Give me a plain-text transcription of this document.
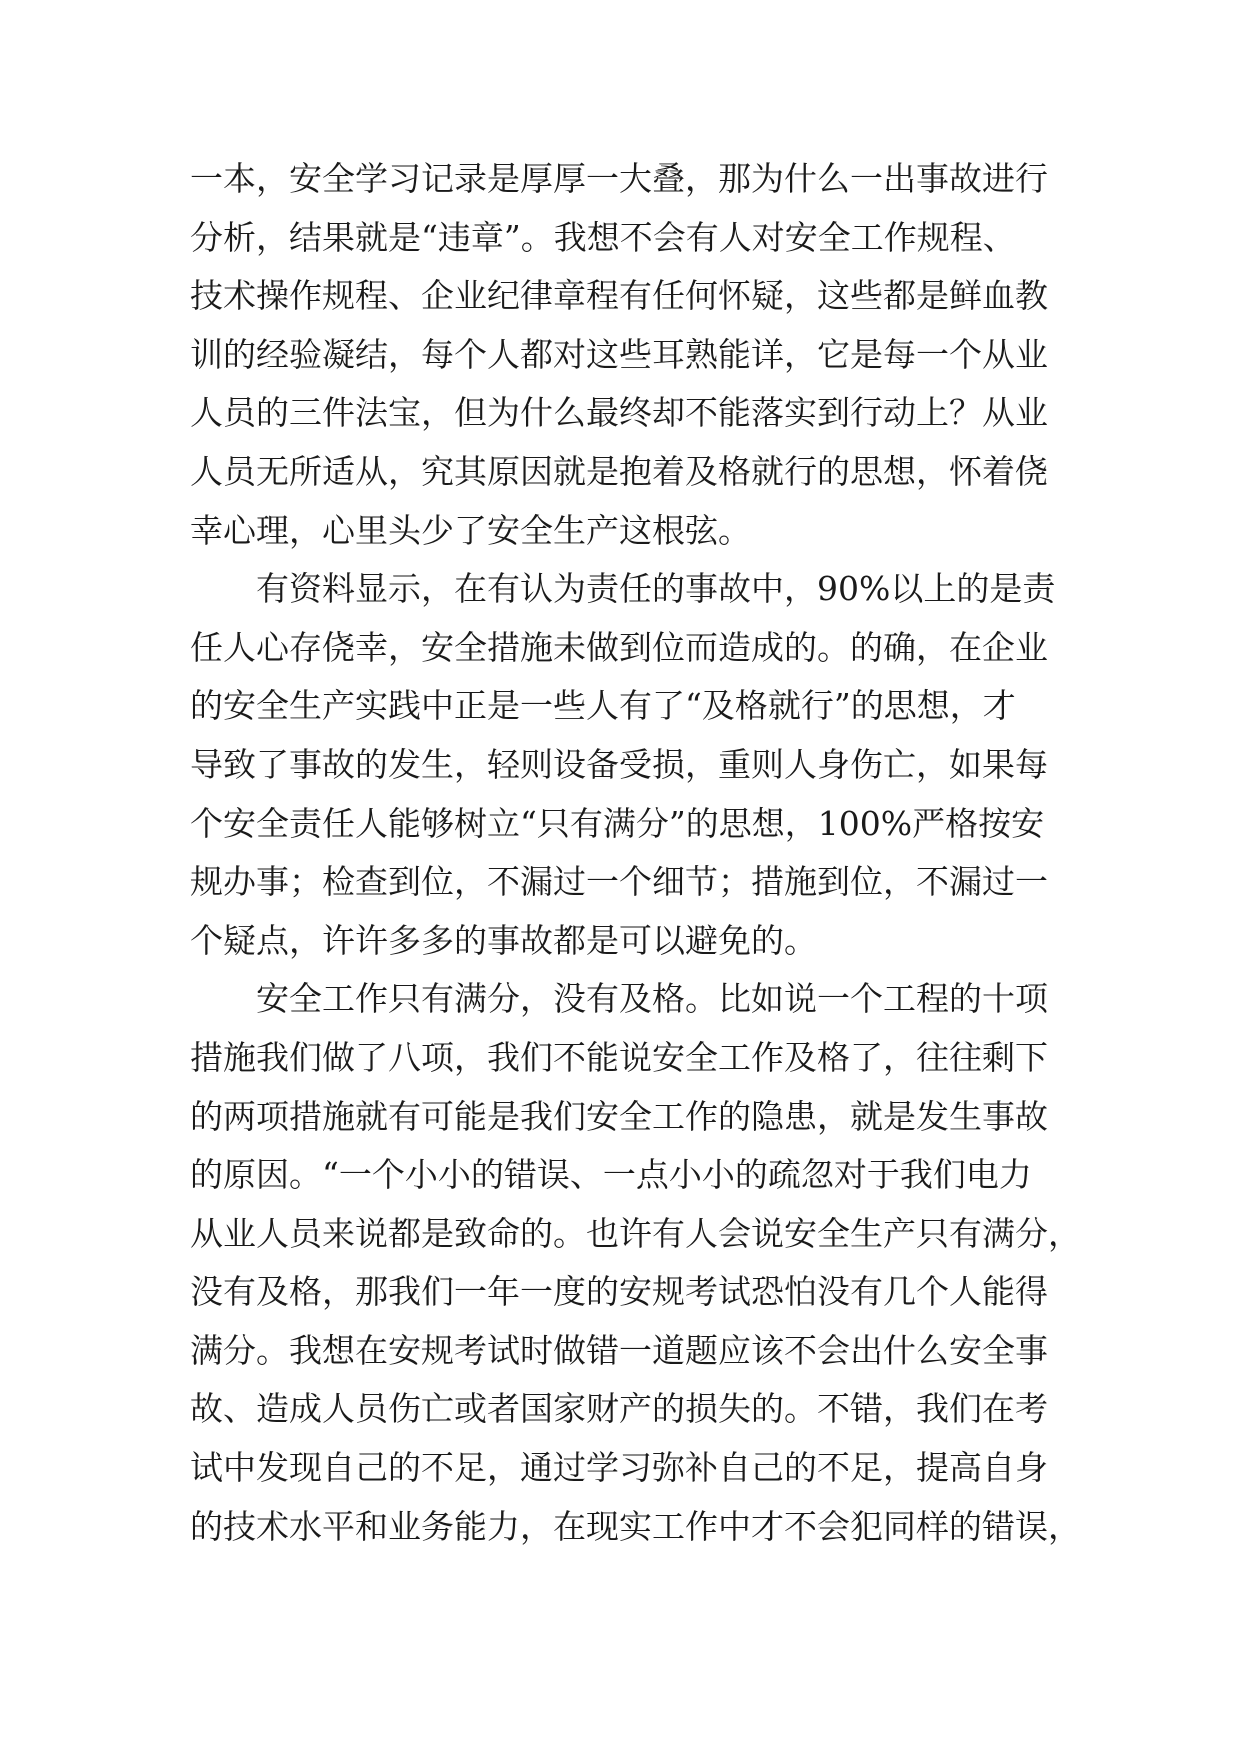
一本，安全学习记录是厚厚一大叠，那为什么一出事故进行
分析，结果就是“违章”。我想不会有人对安全工作规程、
技术操作规程、企业纪律章程有任何怀疑，这些都是鲜血教
训的经验凝结，每个人都对这些耳熟能详，它是每一个从业
人员的三件法宝，但为什么最终却不能落实到行动上？从业
人员无所适从，究其原因就是抱着及格就行的思想，怀着侥
幸心理，心里头少了安全生产这根弦。
　　有资料显示，在有认为责任的事故中，90%以上的是责
任人心存侥幸，安全措施未做到位而造成的。的确，在企业
的安全生产实践中正是一些人有了“及格就行”的思想，才
导致了事故的发生，轻则设备受损，重则人身伤亡，如果每
个安全责任人能够树立“只有满分”的思想，100%严格按安
规办事；检查到位，不漏过一个细节；措施到位，不漏过一
个疑点，许许多多的事故都是可以避免的。
　　安全工作只有满分，没有及格。比如说一个工程的十项
措施我们做了八项，我们不能说安全工作及格了，往往剩下
的两项措施就有可能是我们安全工作的隐患，就是发生事故
的原因。“一个小小的错误、一点小小的疏忽对于我们电力
从业人员来说都是致命的。也许有人会说安全生产只有满分，
没有及格，那我们一年一度的安规考试恐怕没有几个人能得
满分。我想在安规考试时做错一道题应该不会出什么安全事
故、造成人员伤亡或者国家财产的损失的。不错，我们在考
试中发现自己的不足，通过学习弥补自己的不足，提高自身
的技术水平和业务能力，在现实工作中才不会犯同样的错误，
